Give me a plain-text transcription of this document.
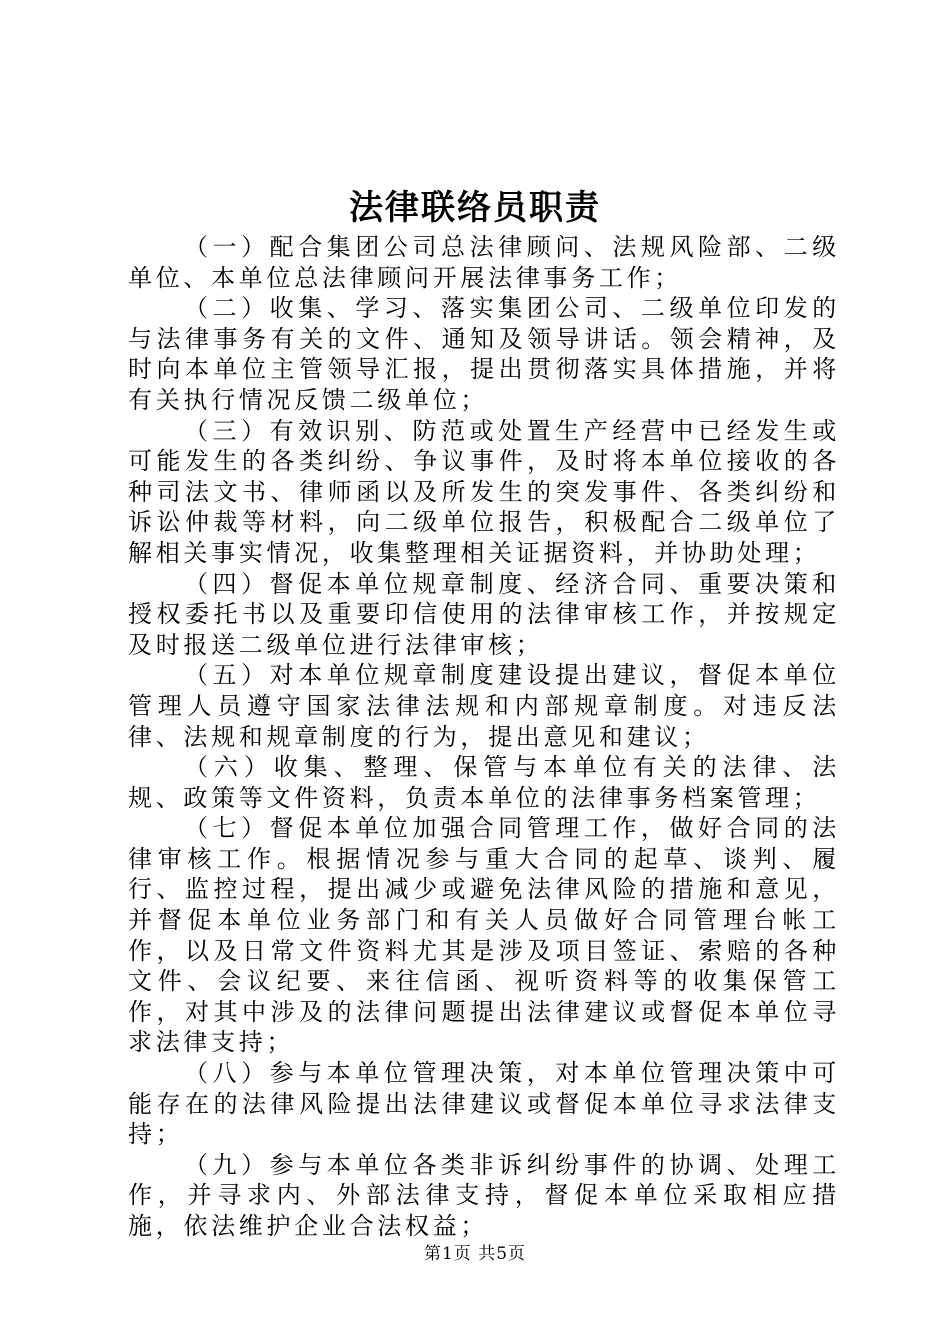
法律联络员职责

（一）配合集团公司总法律顾问、法规风险部、二级单位、本单位总法律顾问开展法律事务工作；

（二）收集、学习、落实集团公司、二级单位印发的与法律事务有关的文件、通知及领导讲话。领会精神，及时向本单位主管领导汇报，提出贯彻落实具体措施，并将有关执行情况反馈二级单位；

（三）有效识别、防范或处置生产经营中已经发生或可能发生的各类纠纷、争议事件，及时将本单位接收的各种司法文书、律师函以及所发生的突发事件、各类纠纷和诉讼仲裁等材料，向二级单位报告，积极配合二级单位了解相关事实情况，收集整理相关证据资料，并协助处理；

（四）督促本单位规章制度、经济合同、重要决策和授权委托书以及重要印信使用的法律审核工作，并按规定及时报送二级单位进行法律审核；

（五）对本单位规章制度建设提出建议，督促本单位管理人员遵守国家法律法规和内部规章制度。对违反法律、法规和规章制度的行为，提出意见和建议；

（六）收集、整理、保管与本单位有关的法律、法规、政策等文件资料，负责本单位的法律事务档案管理；

（七）督促本单位加强合同管理工作，做好合同的法律审核工作。根据情况参与重大合同的起草、谈判、履行、监控过程，提出减少或避免法律风险的措施和意见，并督促本单位业务部门和有关人员做好合同管理台帐工作，以及日常文件资料尤其是涉及项目签证、索赔的各种文件、会议纪要、来往信函、视听资料等的收集保管工作，对其中涉及的法律问题提出法律建议或督促本单位寻求法律支持；

（八）参与本单位管理决策，对本单位管理决策中可能存在的法律风险提出法律建议或督促本单位寻求法律支持；

（九）参与本单位各类非诉纠纷事件的协调、处理工作，并寻求内、外部法律支持，督促本单位采取相应措施，依法维护企业合法权益；

第1页 共5页
